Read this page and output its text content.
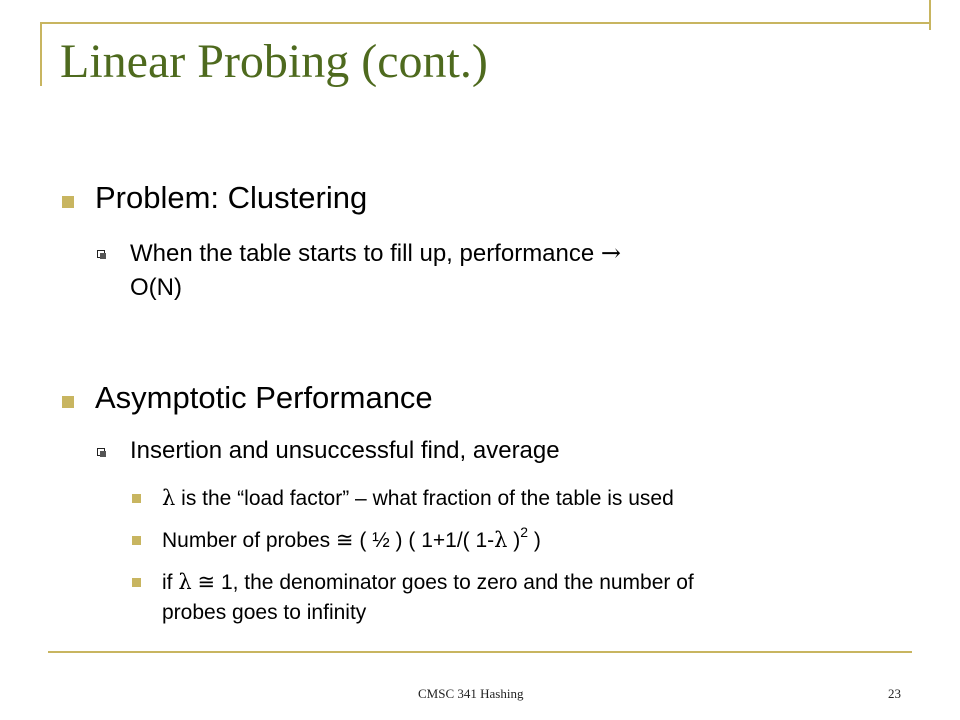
Linear Probing (cont.)
Problem: Clustering
When the table starts to fill up, performance →
O(N)
Asymptotic Performance
Insertion and unsuccessful find, average
λ is the “load factor” – what fraction of the table is used
Number of probes ≅ ( ½ ) ( 1+1/( 1-λ )$^2$ )
if λ ≅ 1, the denominator goes to zero and the number of
probes goes to infinity
CMSC 341 Hashing	23
